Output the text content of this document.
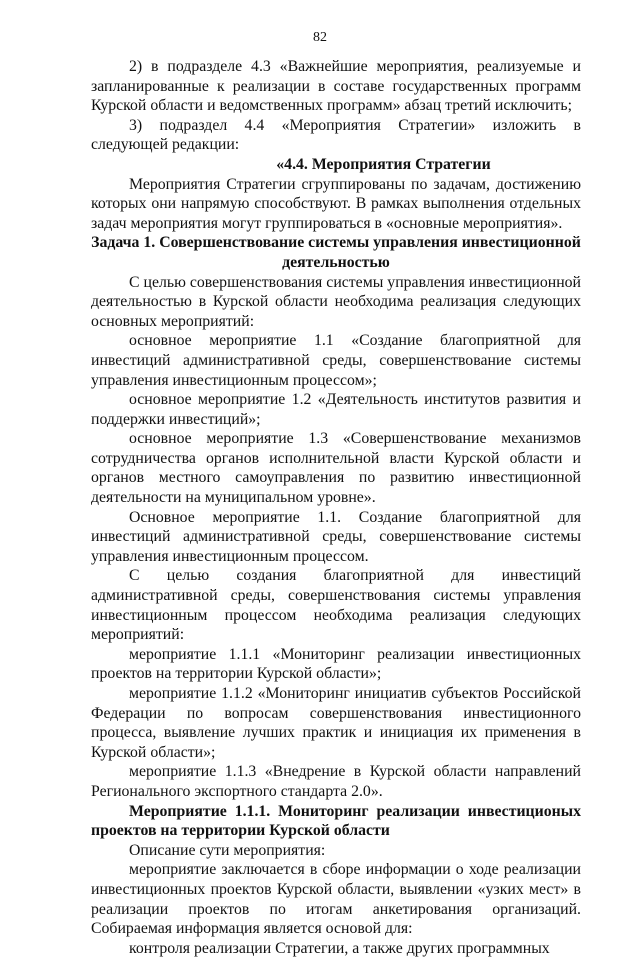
82

2) в подразделе 4.3 «Важнейшие мероприятия, реализуемые и запланированные к реализации в составе государственных программ Курской области и ведомственных программ» абзац третий исключить;

3) подраздел 4.4 «Мероприятия Стратегии» изложить в следующей редакции:

«4.4. Мероприятия Стратегии

Мероприятия Стратегии сгруппированы по задачам, достижению которых они напрямую способствуют. В рамках выполнения отдельных задач мероприятия могут группироваться в «основные мероприятия».

Задача 1. Совершенствование системы управления инвестиционной деятельностью

С целью совершенствования системы управления инвестиционной деятельностью в Курской области необходима реализация следующих основных мероприятий:

основное мероприятие 1.1 «Создание благоприятной для инвестиций административной среды, совершенствование системы управления инвестиционным процессом»;

основное мероприятие 1.2 «Деятельность институтов развития и поддержки инвестиций»;

основное мероприятие 1.3 «Совершенствование механизмов сотрудничества органов исполнительной власти Курской области и органов местного самоуправления по развитию инвестиционной деятельности на муниципальном уровне».

Основное мероприятие 1.1. Создание благоприятной для инвестиций административной среды, совершенствование системы управления инвестиционным процессом.

С целью создания благоприятной для инвестиций административной среды, совершенствования системы управления инвестиционным процессом необходима реализация следующих мероприятий:

мероприятие 1.1.1 «Мониторинг реализации инвестиционных проектов на территории Курской области»;

мероприятие 1.1.2 «Мониторинг инициатив субъектов Российской Федерации по вопросам совершенствования инвестиционного процесса, выявление лучших практик и инициация их применения в Курской области»;

мероприятие 1.1.3 «Внедрение в Курской области направлений Регионального экспортного стандарта 2.0».

Мероприятие 1.1.1. Мониторинг реализации инвестиционых проектов на территории Курской области

Описание сути мероприятия:

мероприятие заключается в сборе информации о ходе реализации инвестиционных проектов Курской области, выявлении «узких мест» в реализации проектов по итогам анкетирования организаций. Собираемая информация является основой для:

контроля реализации Стратегии, а также других программных
